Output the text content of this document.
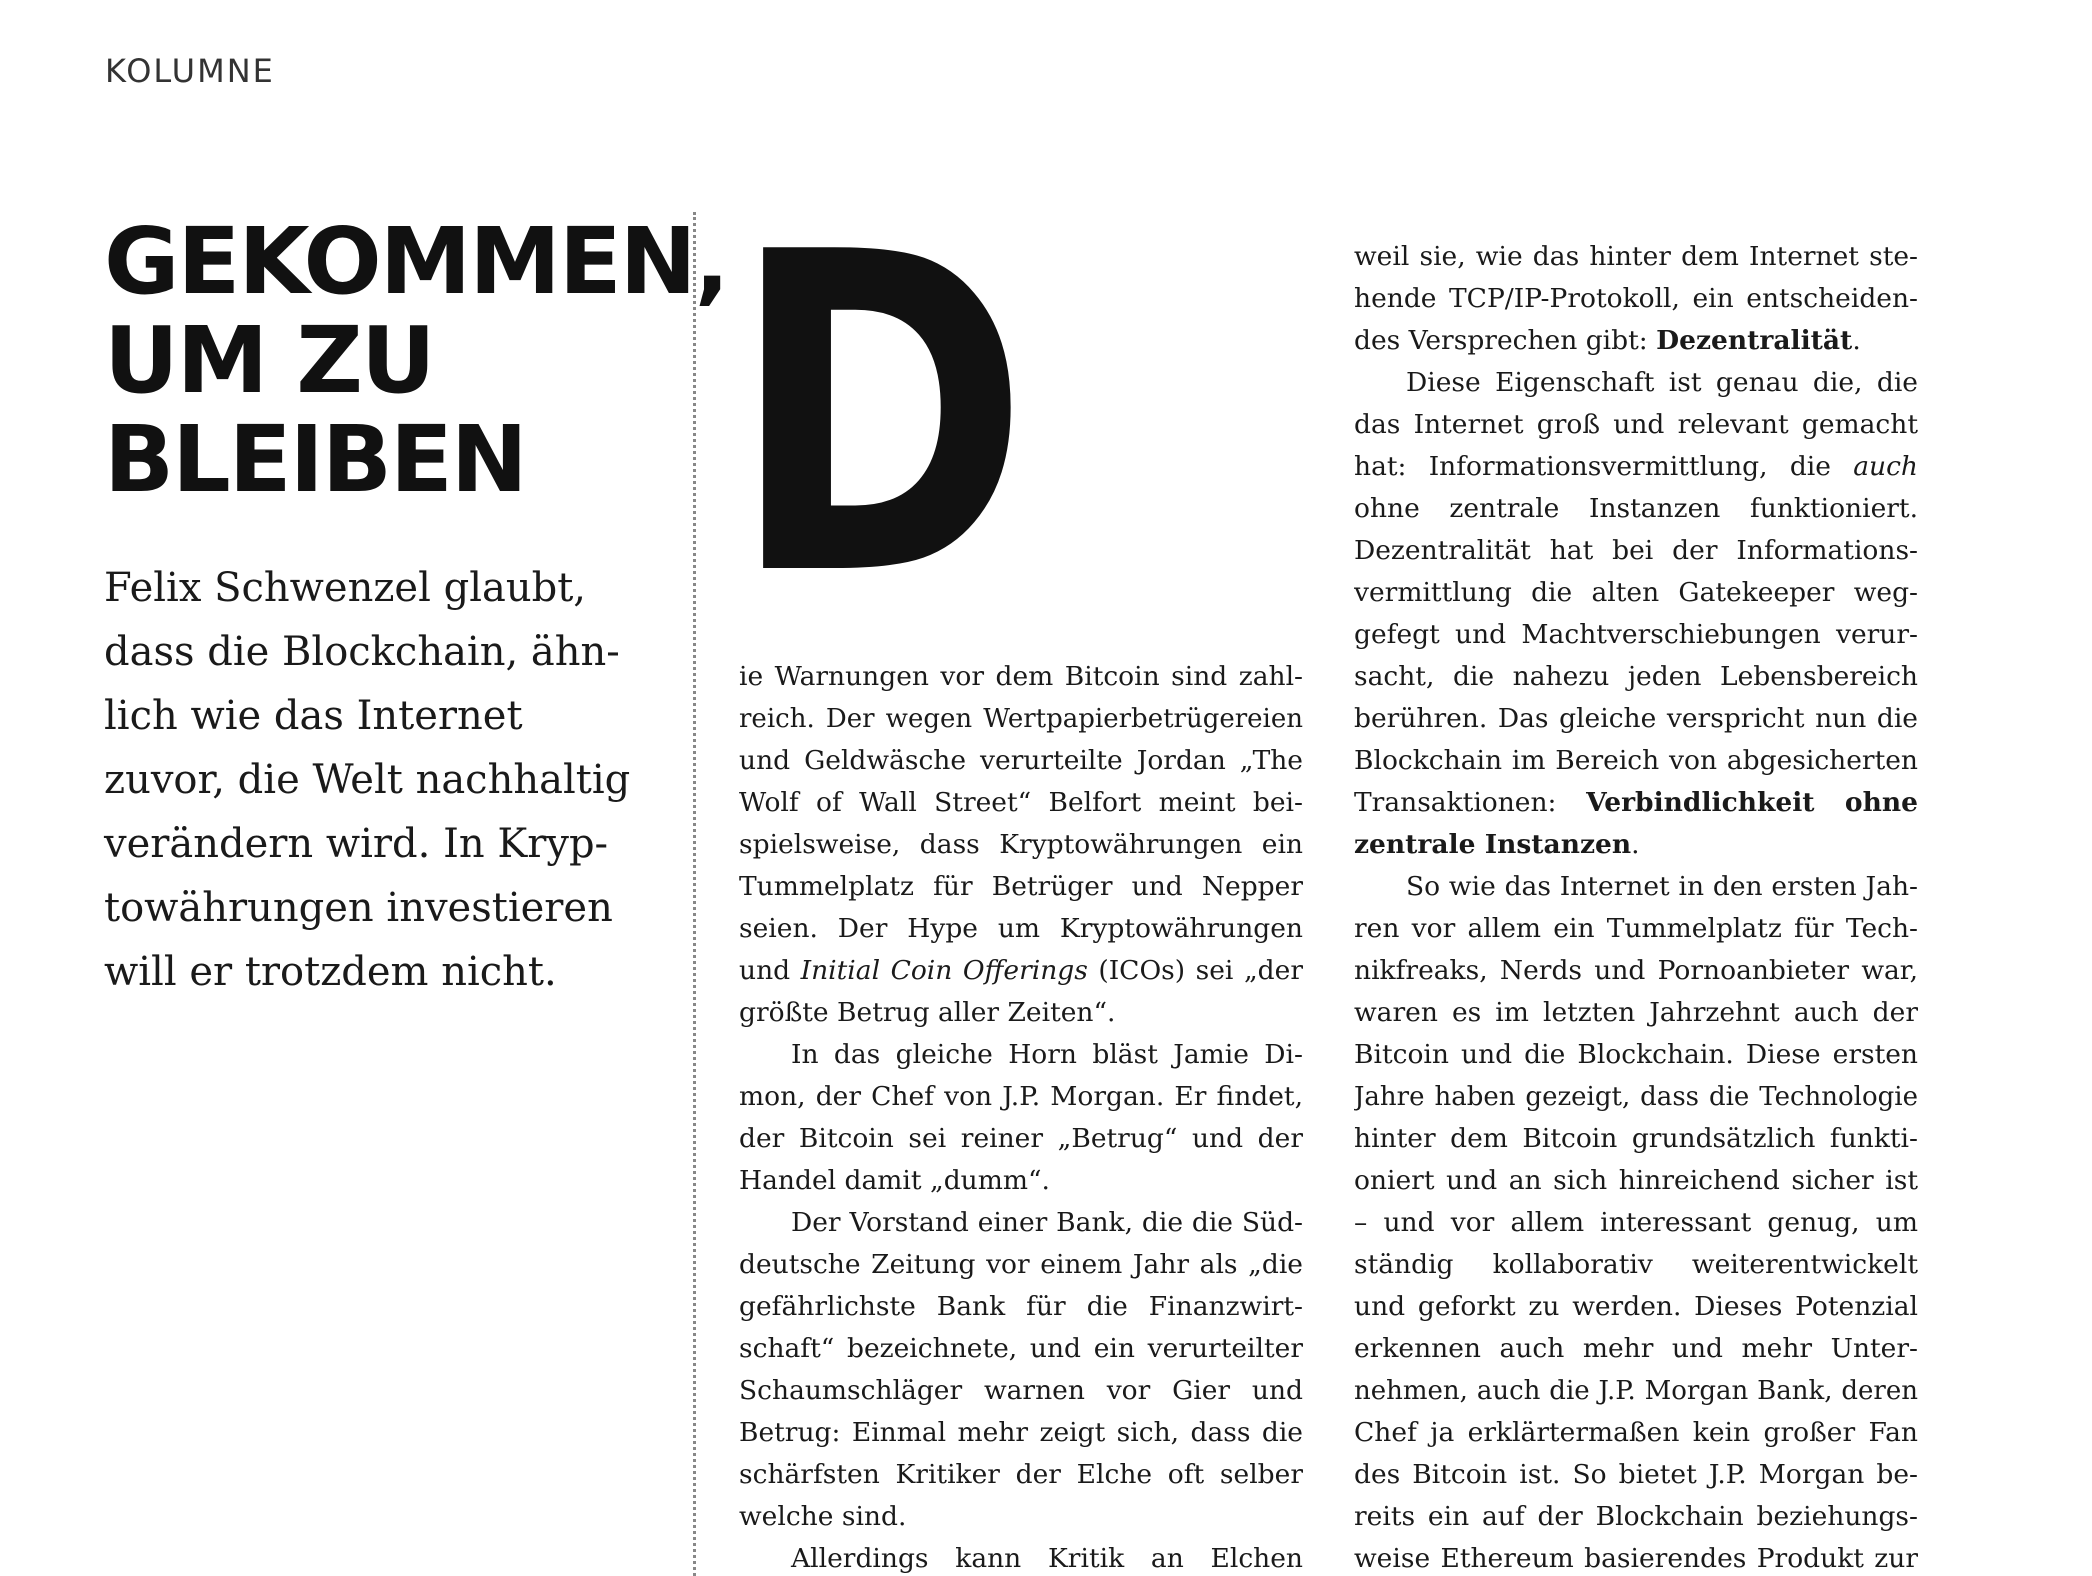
KOLUMNE
GEKOMMEN,
UM ZU
BLEIBEN

Felix Schwenzel glaubt,
dass die Blockchain, ähn-
lich wie das Internet
zuvor, die Welt nachhaltig
verändern wird. In Kryp-
towährungen investieren
will er trotzdem nicht.

D
ie Warnungen vor dem Bitcoin sind zahl-
reich. Der wegen Wertpapierbetrügereien
und Geldwäsche verurteilte Jordan „The
Wolf of Wall Street“ Belfort meint bei-
spielsweise, dass Kryptowährungen ein
Tummelplatz für Betrüger und Nepper
seien. Der Hype um Kryptowährungen
und Initial Coin Offerings (ICOs) sei „der
größte Betrug aller Zeiten“.
In das gleiche Horn bläst Jamie Di-
mon, der Chef von J.P. Morgan. Er findet,
der Bitcoin sei reiner „Betrug“ und der
Handel damit „dumm“.
Der Vorstand einer Bank, die die Süd-
deutsche Zeitung vor einem Jahr als „die
gefährlichste Bank für die Finanzwirt-
schaft“ bezeichnete, und ein verurteilter
Schaumschläger warnen vor Gier und
Betrug: Einmal mehr zeigt sich, dass die
schärfsten Kritiker der Elche oft selber
welche sind.
Allerdings kann Kritik an Elchen
weil sie, wie das hinter dem Internet ste-
hende TCP/IP-Protokoll, ein entscheiden-
des Versprechen gibt: Dezentralität.
Diese Eigenschaft ist genau die, die
das Internet groß und relevant gemacht
hat: Informationsvermittlung, die auch
ohne zentrale Instanzen funktioniert.
Dezentralität hat bei der Informations-
vermittlung die alten Gatekeeper weg-
gefegt und Machtverschiebungen verur-
sacht, die nahezu jeden Lebensbereich
berühren. Das gleiche verspricht nun die
Blockchain im Bereich von abgesicherten
Transaktionen: Verbindlichkeit ohne
zentrale Instanzen.
So wie das Internet in den ersten Jah-
ren vor allem ein Tummelplatz für Tech-
nikfreaks, Nerds und Pornoanbieter war,
waren es im letzten Jahrzehnt auch der
Bitcoin und die Blockchain. Diese ersten
Jahre haben gezeigt, dass die Technologie
hinter dem Bitcoin grundsätzlich funkti-
oniert und an sich hinreichend sicher ist
– und vor allem interessant genug, um
ständig kollaborativ weiterentwickelt
und geforkt zu werden. Dieses Potenzial
erkennen auch mehr und mehr Unter-
nehmen, auch die J.P. Morgan Bank, deren
Chef ja erklärtermaßen kein großer Fan
des Bitcoin ist. So bietet J.P. Morgan be-
reits ein auf der Blockchain beziehungs-
weise Ethereum basierendes Produkt zur
